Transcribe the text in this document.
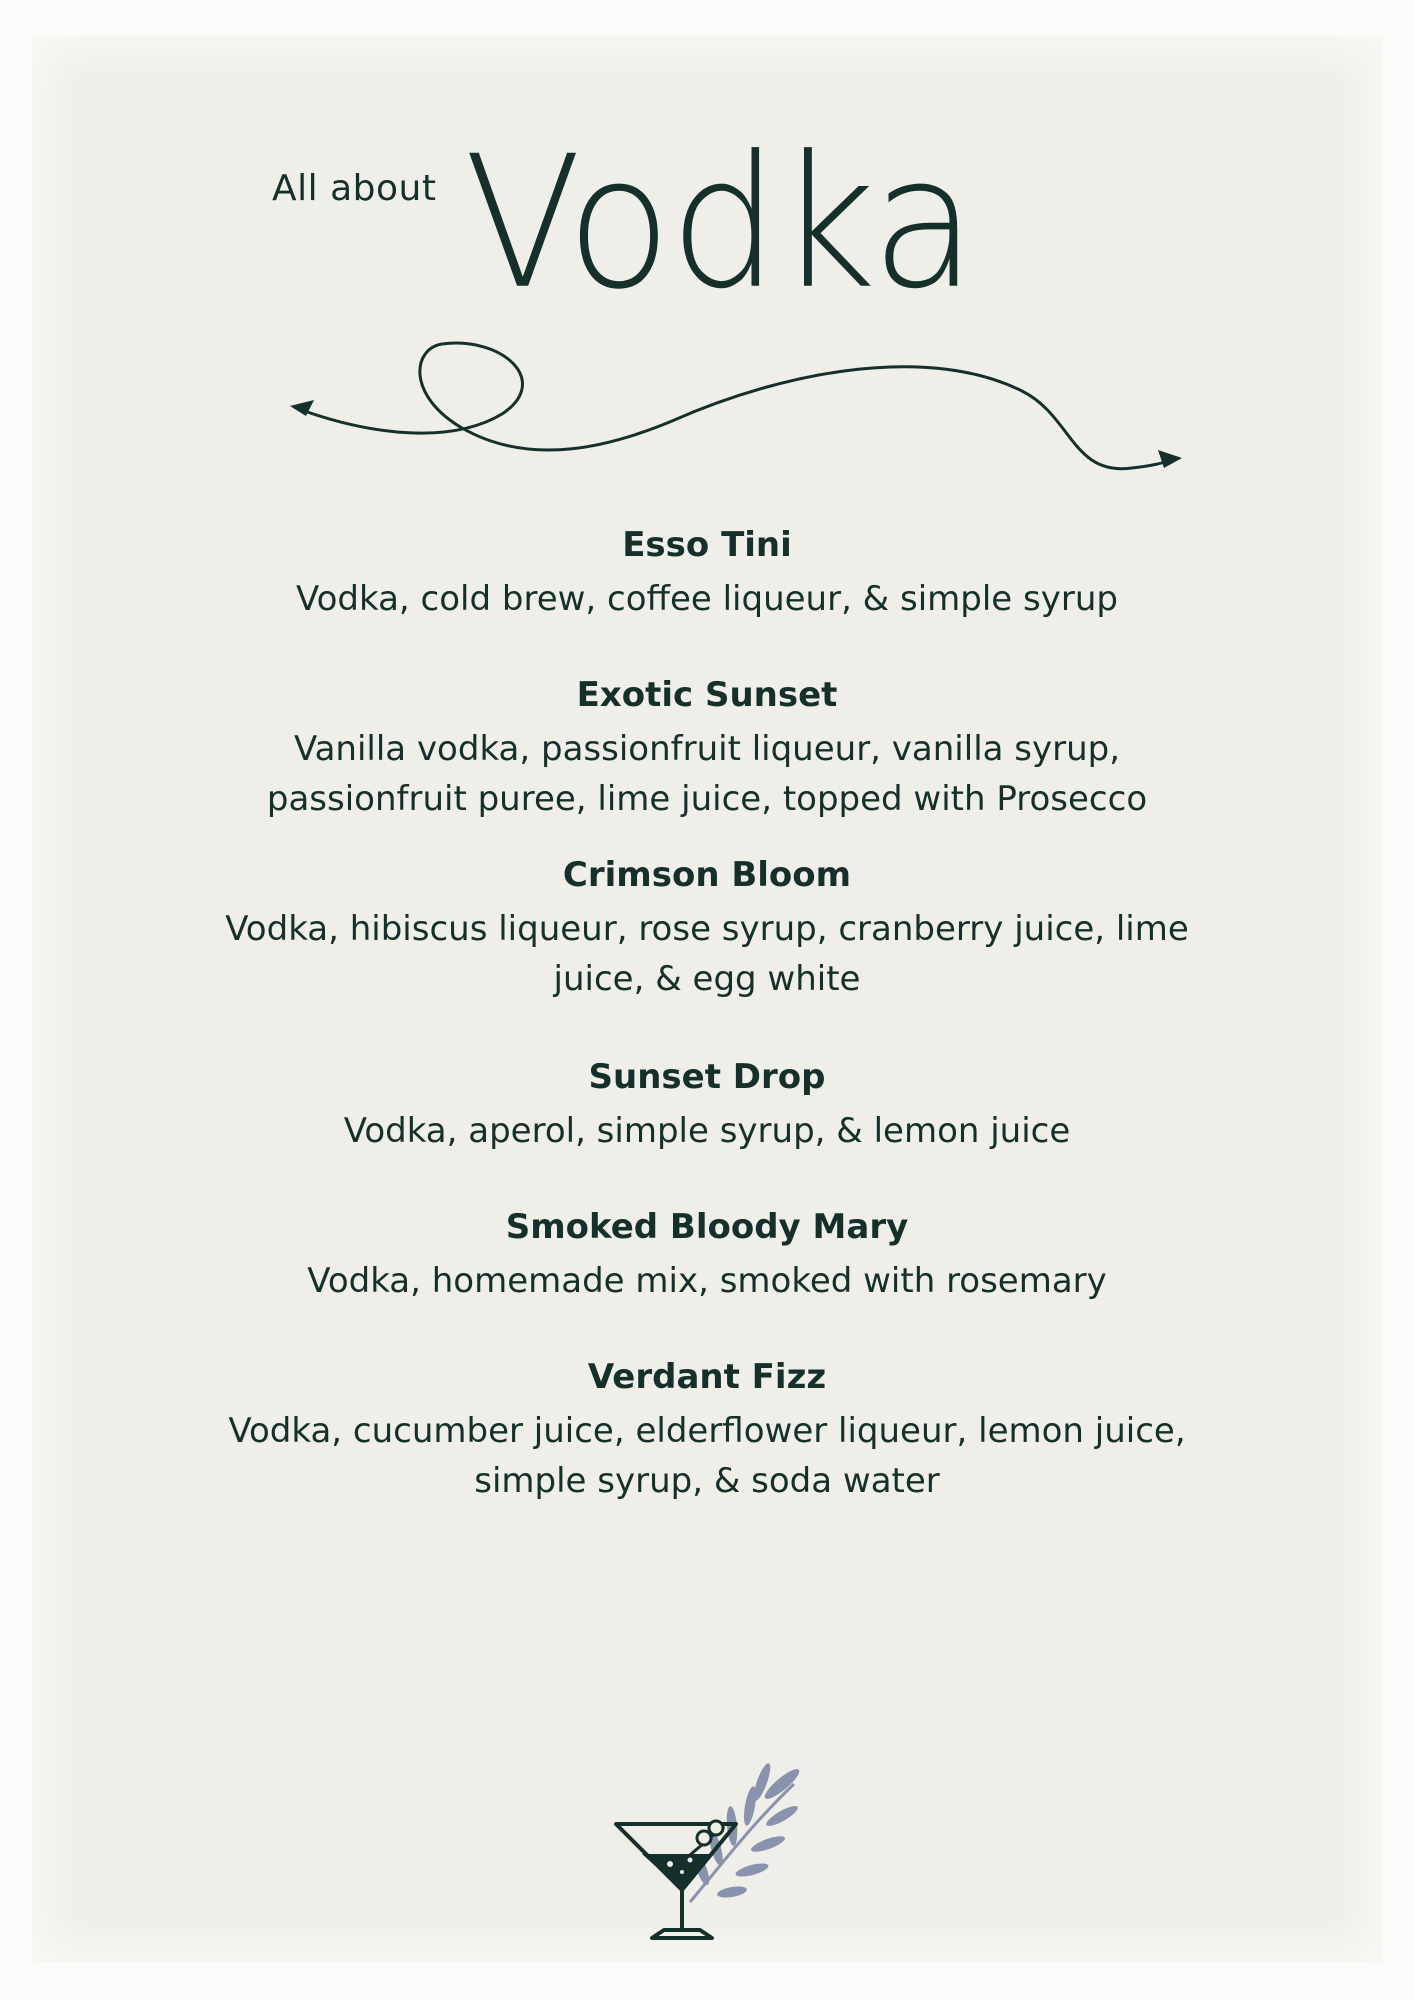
All about Vodka

Esso Tini

Vodka, cold brew, coffee liqueur, & simple syrup

Exotic Sunset

Vanilla vodka, passionfruit liqueur, vanilla syrup, passionfruit puree, lime juice, topped with Prosecco

Crimson Bloom

Vodka, hibiscus liqueur, rose syrup, cranberry juice, lime juice, & egg white

Sunset Drop

Vodka, aperol, simple syrup, & lemon juice

Smoked Bloody Mary

Vodka, homemade mix, smoked with rosemary

Verdant Fizz

Vodka, cucumber juice, elderflower liqueur, lemon juice, simple syrup, & soda water
